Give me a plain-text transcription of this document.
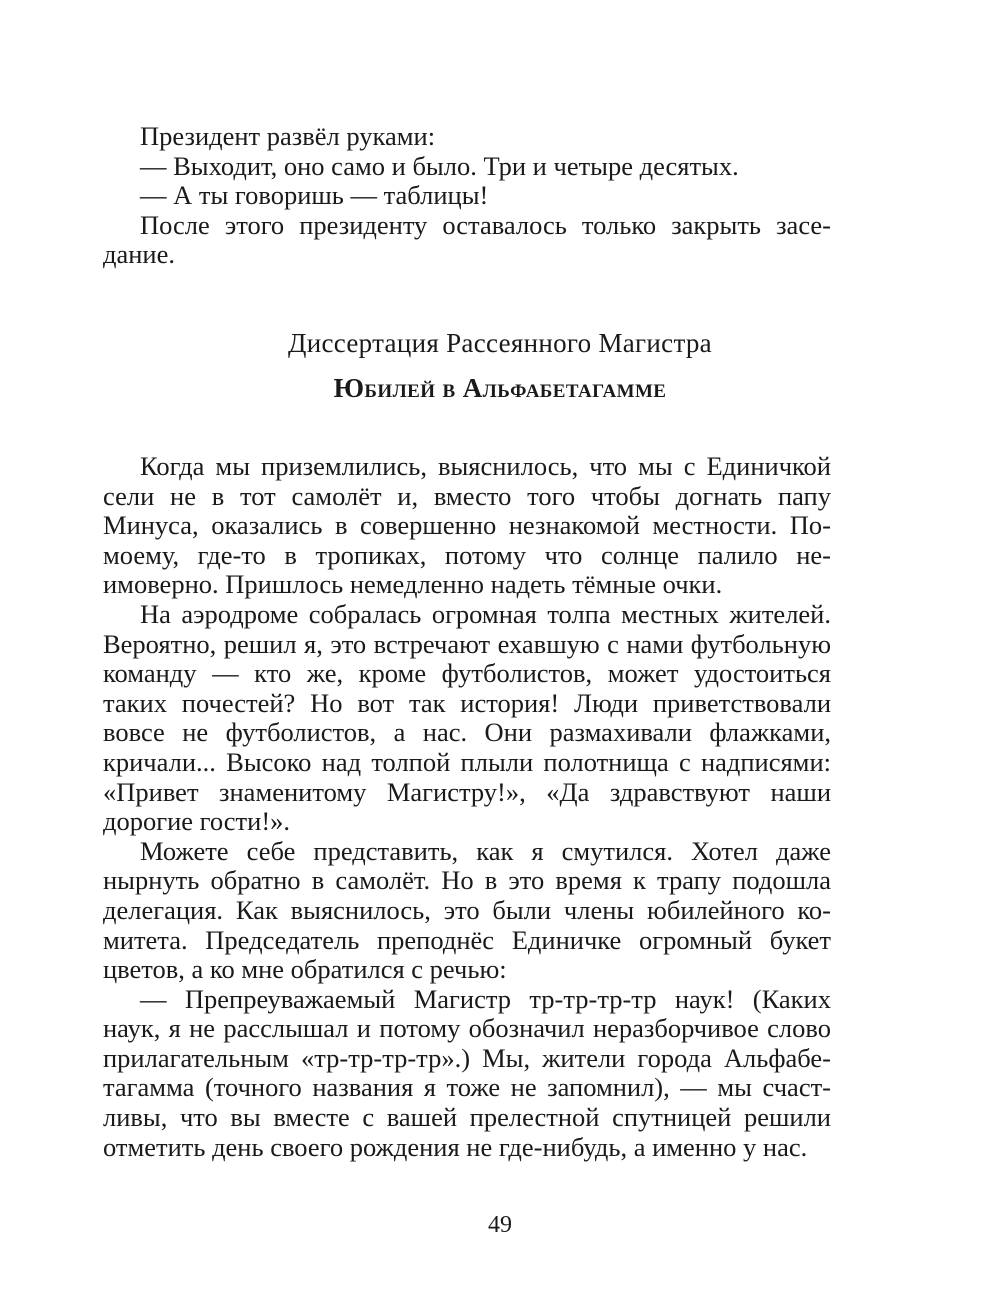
Президент развёл руками:

— Выходит, оно само и было. Три и четыре десятых.

— А ты говоришь — таблицы!

После этого президенту оставалось только закрыть заседание.

Диссертация Рассеянного Магистра

Юбилей в Альфабетагамме

Когда мы приземлились, выяснилось, что мы с Единичкой сели не в тот самолёт и, вместо того чтобы догнать папу Минуса, оказались в совершенно незнакомой местности. По-моему, где-то в тропиках, потому что солнце палило неимоверно. Пришлось немедленно надеть тёмные очки.

На аэродроме собралась огромная толпа местных жителей. Вероятно, решил я, это встречают ехавшую с нами футбольную команду — кто же, кроме футболистов, может удостоиться таких почестей? Но вот так история! Люди приветствовали вовсе не футболистов, а нас. Они размахивали флажками, кричали... Высоко над толпой плыли полотнища с надписями: «Привет знаменитому Магистру!», «Да здравствуют наши дорогие гости!».

Можете себе представить, как я смутился. Хотел даже нырнуть обратно в самолёт. Но в это время к трапу подошла делегация. Как выяснилось, это были члены юбилейного комитета. Председатель преподнёс Единичке огромный букет цветов, а ко мне обратился с речью:

— Препреуважаемый Магистр тр-тр-тр-тр наук! (Каких наук, я не расслышал и потому обозначил неразборчивое слово прилагательным «тр-тр-тр-тр».) Мы, жители города Альфабетагамма (точного названия я тоже не запомнил), — мы счастливы, что вы вместе с вашей прелестной спутницей решили отметить день своего рождения не где-нибудь, а именно у нас.

49
